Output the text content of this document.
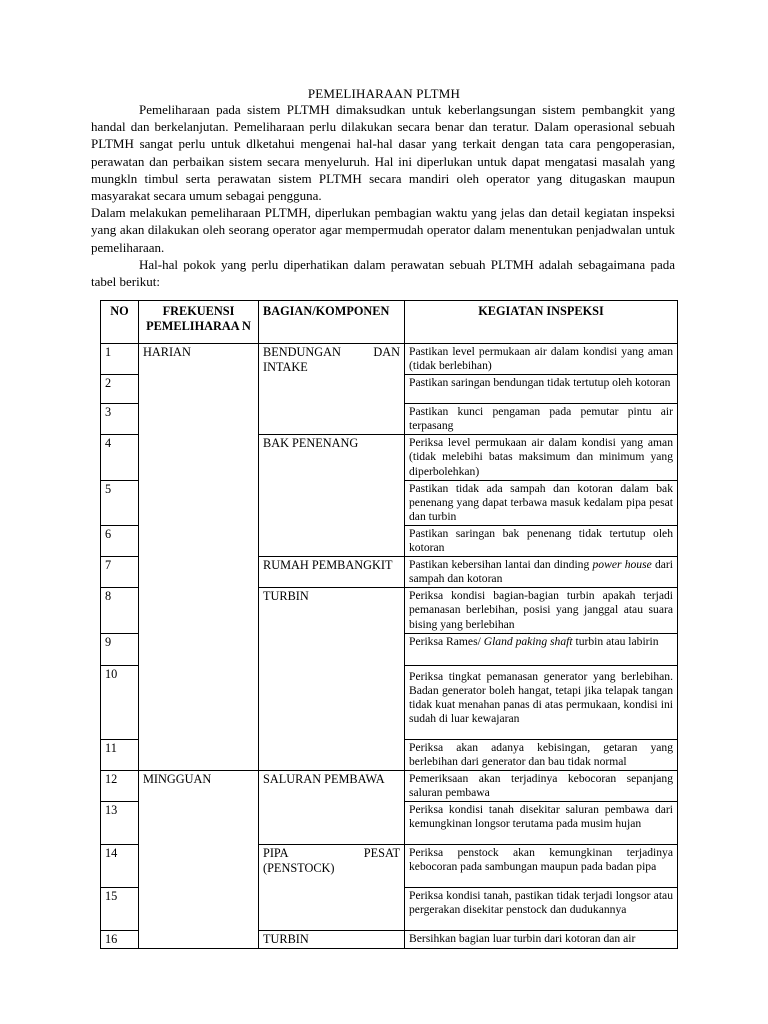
PEMELIHARAAN PLTMH

Pemeliharaan pada sistem PLTMH dimaksudkan untuk keberlangsungan sistem pembangkit yang handal dan berkelanjutan. Pemeliharaan perlu dilakukan secara benar dan teratur. Dalam operasional sebuah PLTMH sangat perlu untuk dlketahui mengenai hal-hal dasar yang terkait dengan tata cara pengoperasian, perawatan dan perbaikan sistem secara menyeluruh. Hal ini diperlukan untuk dapat mengatasi masalah yang mungkln timbul serta perawatan sistem PLTMH secara mandiri oleh operator yang ditugaskan maupun masyarakat secara umum sebagai pengguna.

Dalam melakukan pemeliharaan PLTMH, diperlukan pembagian waktu yang jelas dan detail kegiatan inspeksi yang akan dilakukan oleh seorang operator agar mempermudah operator dalam menentukan penjadwalan untuk pemeliharaan.

Hal-hal pokok yang perlu diperhatikan dalam perawatan sebuah PLTMH adalah sebagaimana pada tabel berikut:

NO	FREKUENSI PEMELIHARAA N	BAGIAN/KOMPONEN	KEGIATAN INSPEKSI
1	HARIAN	BENDUNGAN DAN INTAKE	Pastikan level permukaan air dalam kondisi yang aman (tidak berlebihan)
2			Pastikan saringan bendungan tidak tertutup oleh kotoran
3			Pastikan kunci pengaman pada pemutar pintu air terpasang
4		BAK PENENANG	Periksa level permukaan air dalam kondisi yang aman (tidak melebihi batas maksimum dan minimum yang diperbolehkan)
5			Pastikan tidak ada sampah dan kotoran dalam bak penenang yang dapat terbawa masuk kedalam pipa pesat dan turbin
6			Pastikan saringan bak penenang tidak tertutup oleh kotoran
7		RUMAH PEMBANGKIT	Pastikan kebersihan lantai dan dinding power house dari sampah dan kotoran
8		TURBIN	Periksa kondisi bagian-bagian turbin apakah terjadi pemanasan berlebihan, posisi yang janggal atau suara bising yang berlebihan
9			Periksa Rames/ Gland paking shaft turbin atau labirin
10			Periksa tingkat pemanasan generator yang berlebihan. Badan generator boleh hangat, tetapi jika telapak tangan tidak kuat menahan panas di atas permukaan, kondisi ini sudah di luar kewajaran
11			Periksa akan adanya kebisingan, getaran yang berlebihan dari generator dan bau tidak normal
12	MINGGUAN	SALURAN PEMBAWA	Pemeriksaan akan terjadinya kebocoran sepanjang saluran pembawa
13			Periksa kondisi tanah disekitar saluran pembawa dari kemungkinan longsor terutama pada musim hujan
14		PIPA PESAT (PENSTOCK)	Periksa penstock akan kemungkinan terjadinya kebocoran pada sambungan maupun pada badan pipa
15			Periksa kondisi tanah, pastikan tidak terjadi longsor atau pergerakan disekitar penstock dan dudukannya
16		TURBIN	Bersihkan bagian luar turbin dari kotoran dan air
